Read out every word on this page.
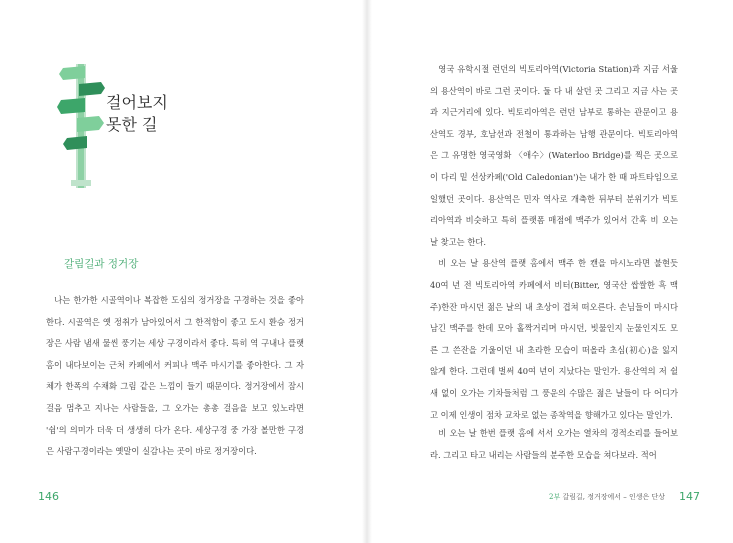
걸어보지
못한 길
갈림길과 정거장

나는 한가한 시골역이나 복잡한 도심의 정거장을 구경하는 것을 좋아한다. 시골역은 옛 정취가 남아있어서 그 한적함이 좋고 도시 환승 정거장은 사람 냄새 물씬 풍기는 세상 구경이라서 좋다. 특히 역 구내나 플랫 홈이 내다보이는 근처 카페에서 커피나 맥주 마시기를 좋아한다. 그 자체가 한폭의 수채화 그림 같은 느낌이 들기 때문이다. 정거장에서 잠시 걸음 멈추고 지나는 사람들을, 그 오가는 총총 걸음을 보고 있노라면 '쉼'의 의미가 더욱 더 생생히 다가 온다. 세상구경 중 가장 볼만한 구경은 사람구경이라는 옛말이 실감나는 곳이 바로 정거장이다.

146

영국 유학시절 런던의 빅토리아역(Victoria Station)과 지금 서울의 용산역이 바로 그런 곳이다. 둘 다 내 살던 곳 그리고 지금 사는 곳과 지근거리에 있다. 빅토리아역은 런던 남부로 통하는 관문이고 용산역도 경부, 호남선과 전철이 통과하는 남행 관문이다. 빅토리아역은 그 유명한 영국영화 〈애수〉(Waterloo Bridge)를 찍은 곳으로 이 다리 밑 선상카페('Old Caledonian')는 내가 한 때 파트타임으로 일했던 곳이다. 용산역은 민자 역사로 개축한 뒤부터 분위기가 빅토리아역과 비슷하고 특히 플랫폼 매점에 맥주가 있어서 간혹 비 오는 날 찾고는 한다.

비 오는 날 용산역 플랫 홈에서 맥주 한 캔을 마시노라면 불현듯 40여 년 전 빅토리아역 카페에서 비터(Bitter, 영국산 쌉쌀한 흑 맥주)한잔 마시던 젊은 날의 내 초상이 겹쳐 떠오른다. 손님들이 마시다 남긴 맥주를 한데 모아 홀짝거리며 마시던, 빗물인지 눈물인지도 모른 그 쓴잔을 기울이던 내 초라한 모습이 떠올라 초심(初心)을 잃지 않게 한다. 그런데 벌써 40여 년이 지났다는 말인가. 용산역의 저 쉴 새 없이 오가는 기차들처럼 그 풍운의 수많은 젊은 날들이 다 어디가고 이제 인생이 점차 교차로 없는 종착역을 향해가고 있다는 말인가.

비 오는 날 한번 플랫 홈에 서서 오가는 열차의 경적소리를 들어보라. 그리고 타고 내리는 사람들의 분주한 모습을 쳐다보라. 적어

2부 갈림길, 정거장에서 – 인생은 단상 147
